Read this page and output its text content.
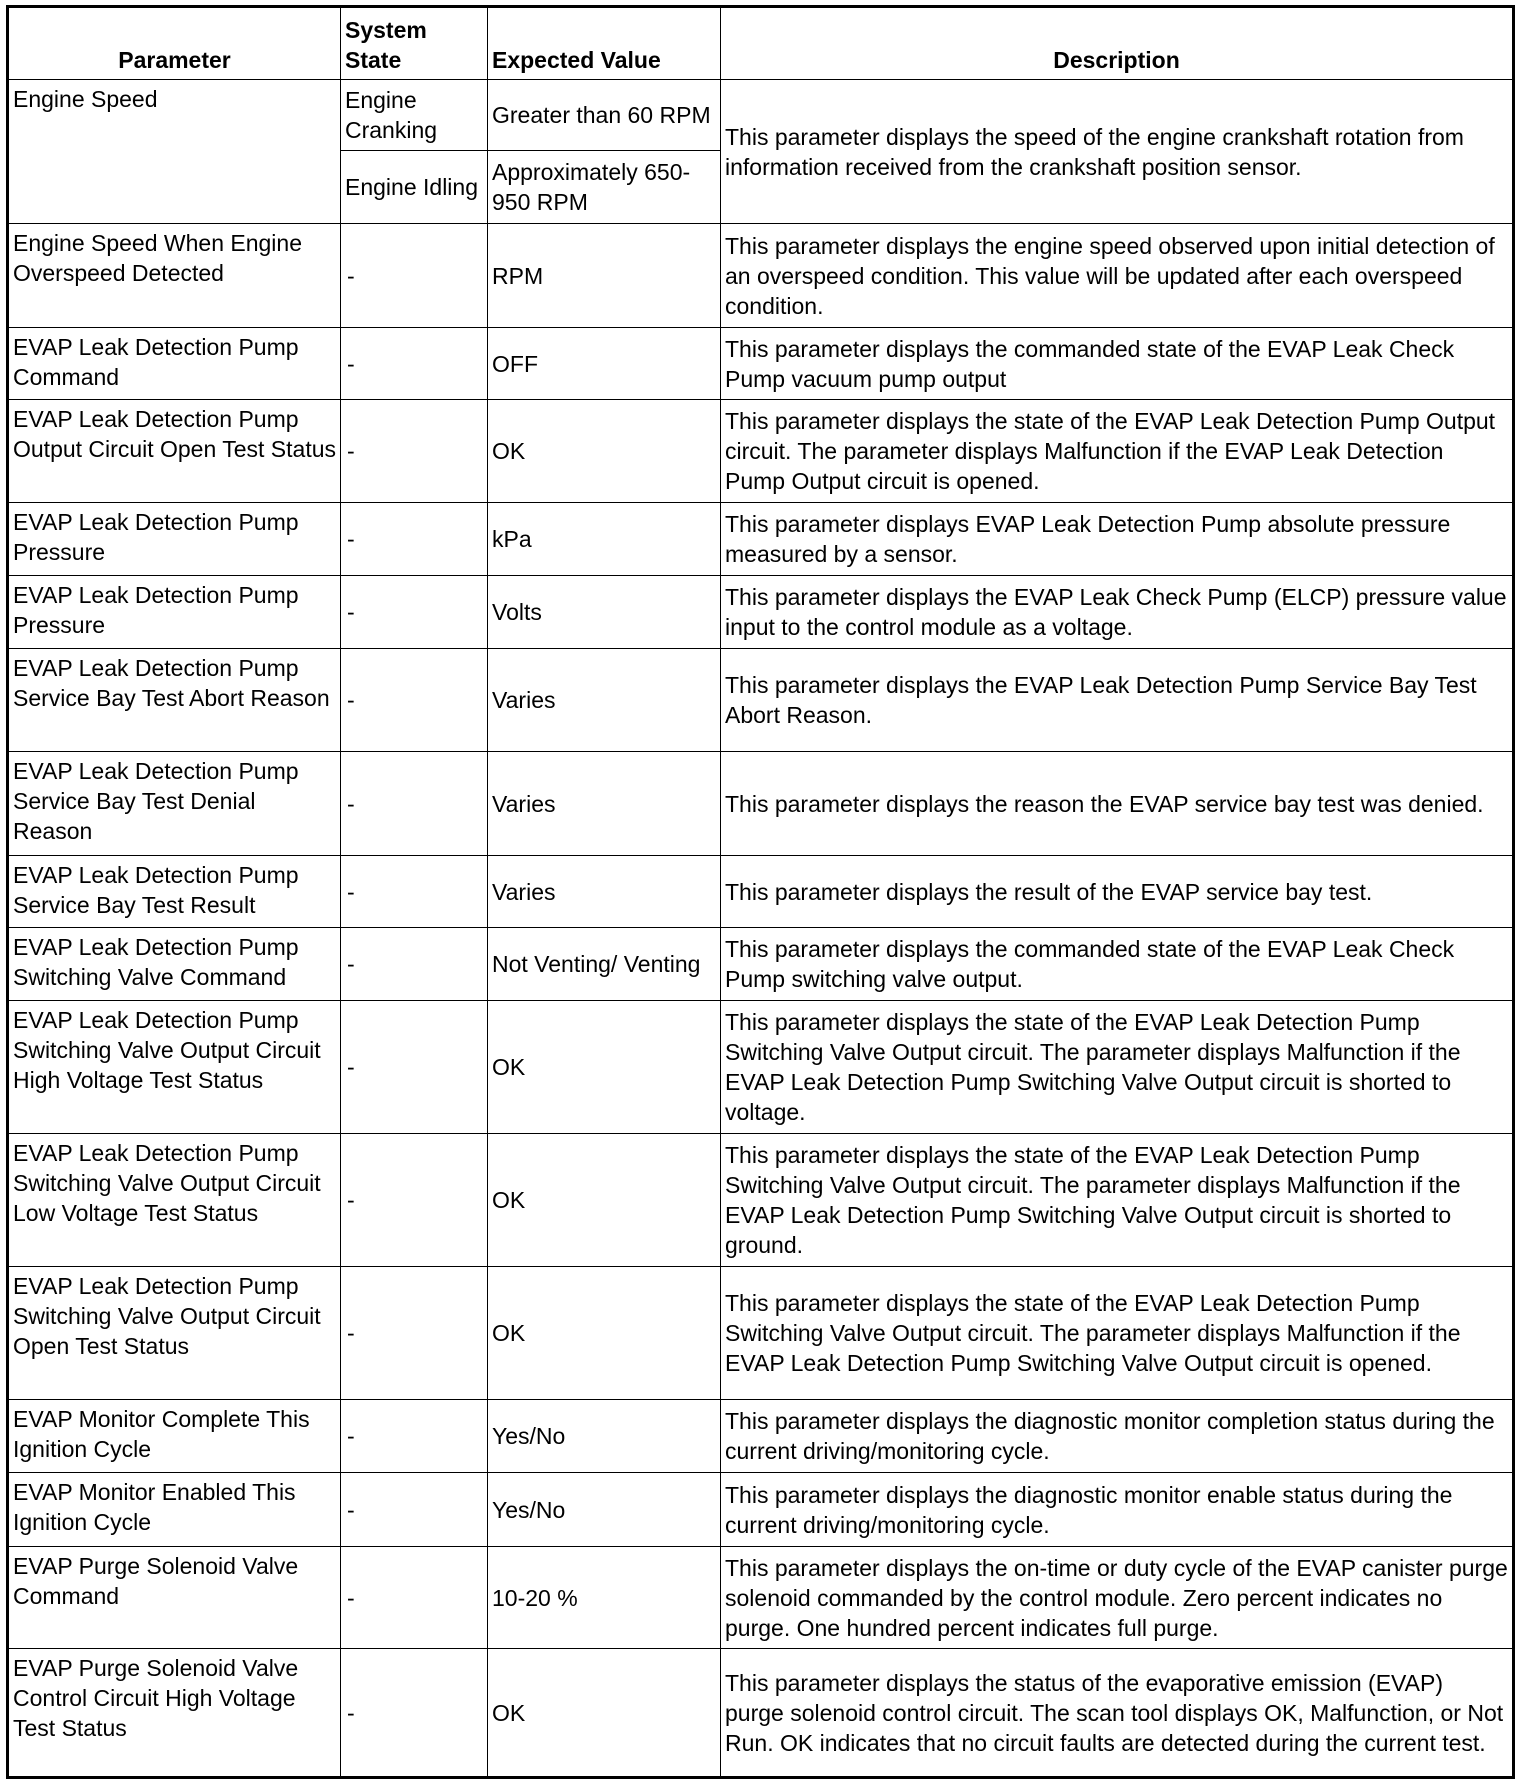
Parameter	System State	Expected Value	Description
Engine Speed	Engine Cranking	Greater than 60 RPM	This parameter displays the speed of the engine crankshaft rotation from information received from the crankshaft position sensor.
	Engine Idling	Approximately 650-950 RPM	
Engine Speed When Engine Overspeed Detected	-	RPM	This parameter displays the engine speed observed upon initial detection of an overspeed condition. This value will be updated after each overspeed condition.
EVAP Leak Detection Pump Command	-	OFF	This parameter displays the commanded state of the EVAP Leak Check Pump vacuum pump output
EVAP Leak Detection Pump Output Circuit Open Test Status	-	OK	This parameter displays the state of the EVAP Leak Detection Pump Output circuit. The parameter displays Malfunction if the EVAP Leak Detection Pump Output circuit is opened.
EVAP Leak Detection Pump Pressure	-	kPa	This parameter displays EVAP Leak Detection Pump absolute pressure measured by a sensor.
EVAP Leak Detection Pump Pressure	-	Volts	This parameter displays the EVAP Leak Check Pump (ELCP) pressure value input to the control module as a voltage.
EVAP Leak Detection Pump Service Bay Test Abort Reason	-	Varies	This parameter displays the EVAP Leak Detection Pump Service Bay Test Abort Reason.
EVAP Leak Detection Pump Service Bay Test Denial Reason	-	Varies	This parameter displays the reason the EVAP service bay test was denied.
EVAP Leak Detection Pump Service Bay Test Result	-	Varies	This parameter displays the result of the EVAP service bay test.
EVAP Leak Detection Pump Switching Valve Command	-	Not Venting/ Venting	This parameter displays the commanded state of the EVAP Leak Check Pump switching valve output.
EVAP Leak Detection Pump Switching Valve Output Circuit High Voltage Test Status	-	OK	This parameter displays the state of the EVAP Leak Detection Pump Switching Valve Output circuit. The parameter displays Malfunction if the EVAP Leak Detection Pump Switching Valve Output circuit is shorted to voltage.
EVAP Leak Detection Pump Switching Valve Output Circuit Low Voltage Test Status	-	OK	This parameter displays the state of the EVAP Leak Detection Pump Switching Valve Output circuit. The parameter displays Malfunction if the EVAP Leak Detection Pump Switching Valve Output circuit is shorted to ground.
EVAP Leak Detection Pump Switching Valve Output Circuit Open Test Status	-	OK	This parameter displays the state of the EVAP Leak Detection Pump Switching Valve Output circuit. The parameter displays Malfunction if the EVAP Leak Detection Pump Switching Valve Output circuit is opened.
EVAP Monitor Complete This Ignition Cycle	-	Yes/No	This parameter displays the diagnostic monitor completion status during the current driving/monitoring cycle.
EVAP Monitor Enabled This Ignition Cycle	-	Yes/No	This parameter displays the diagnostic monitor enable status during the current driving/monitoring cycle.
EVAP Purge Solenoid Valve Command	-	10-20 %	This parameter displays the on-time or duty cycle of the EVAP canister purge solenoid commanded by the control module. Zero percent indicates no purge. One hundred percent indicates full purge.
EVAP Purge Solenoid Valve Control Circuit High Voltage Test Status	-	OK	This parameter displays the status of the evaporative emission (EVAP) purge solenoid control circuit. The scan tool displays OK, Malfunction, or Not Run. OK indicates that no circuit faults are detected during the current test.
